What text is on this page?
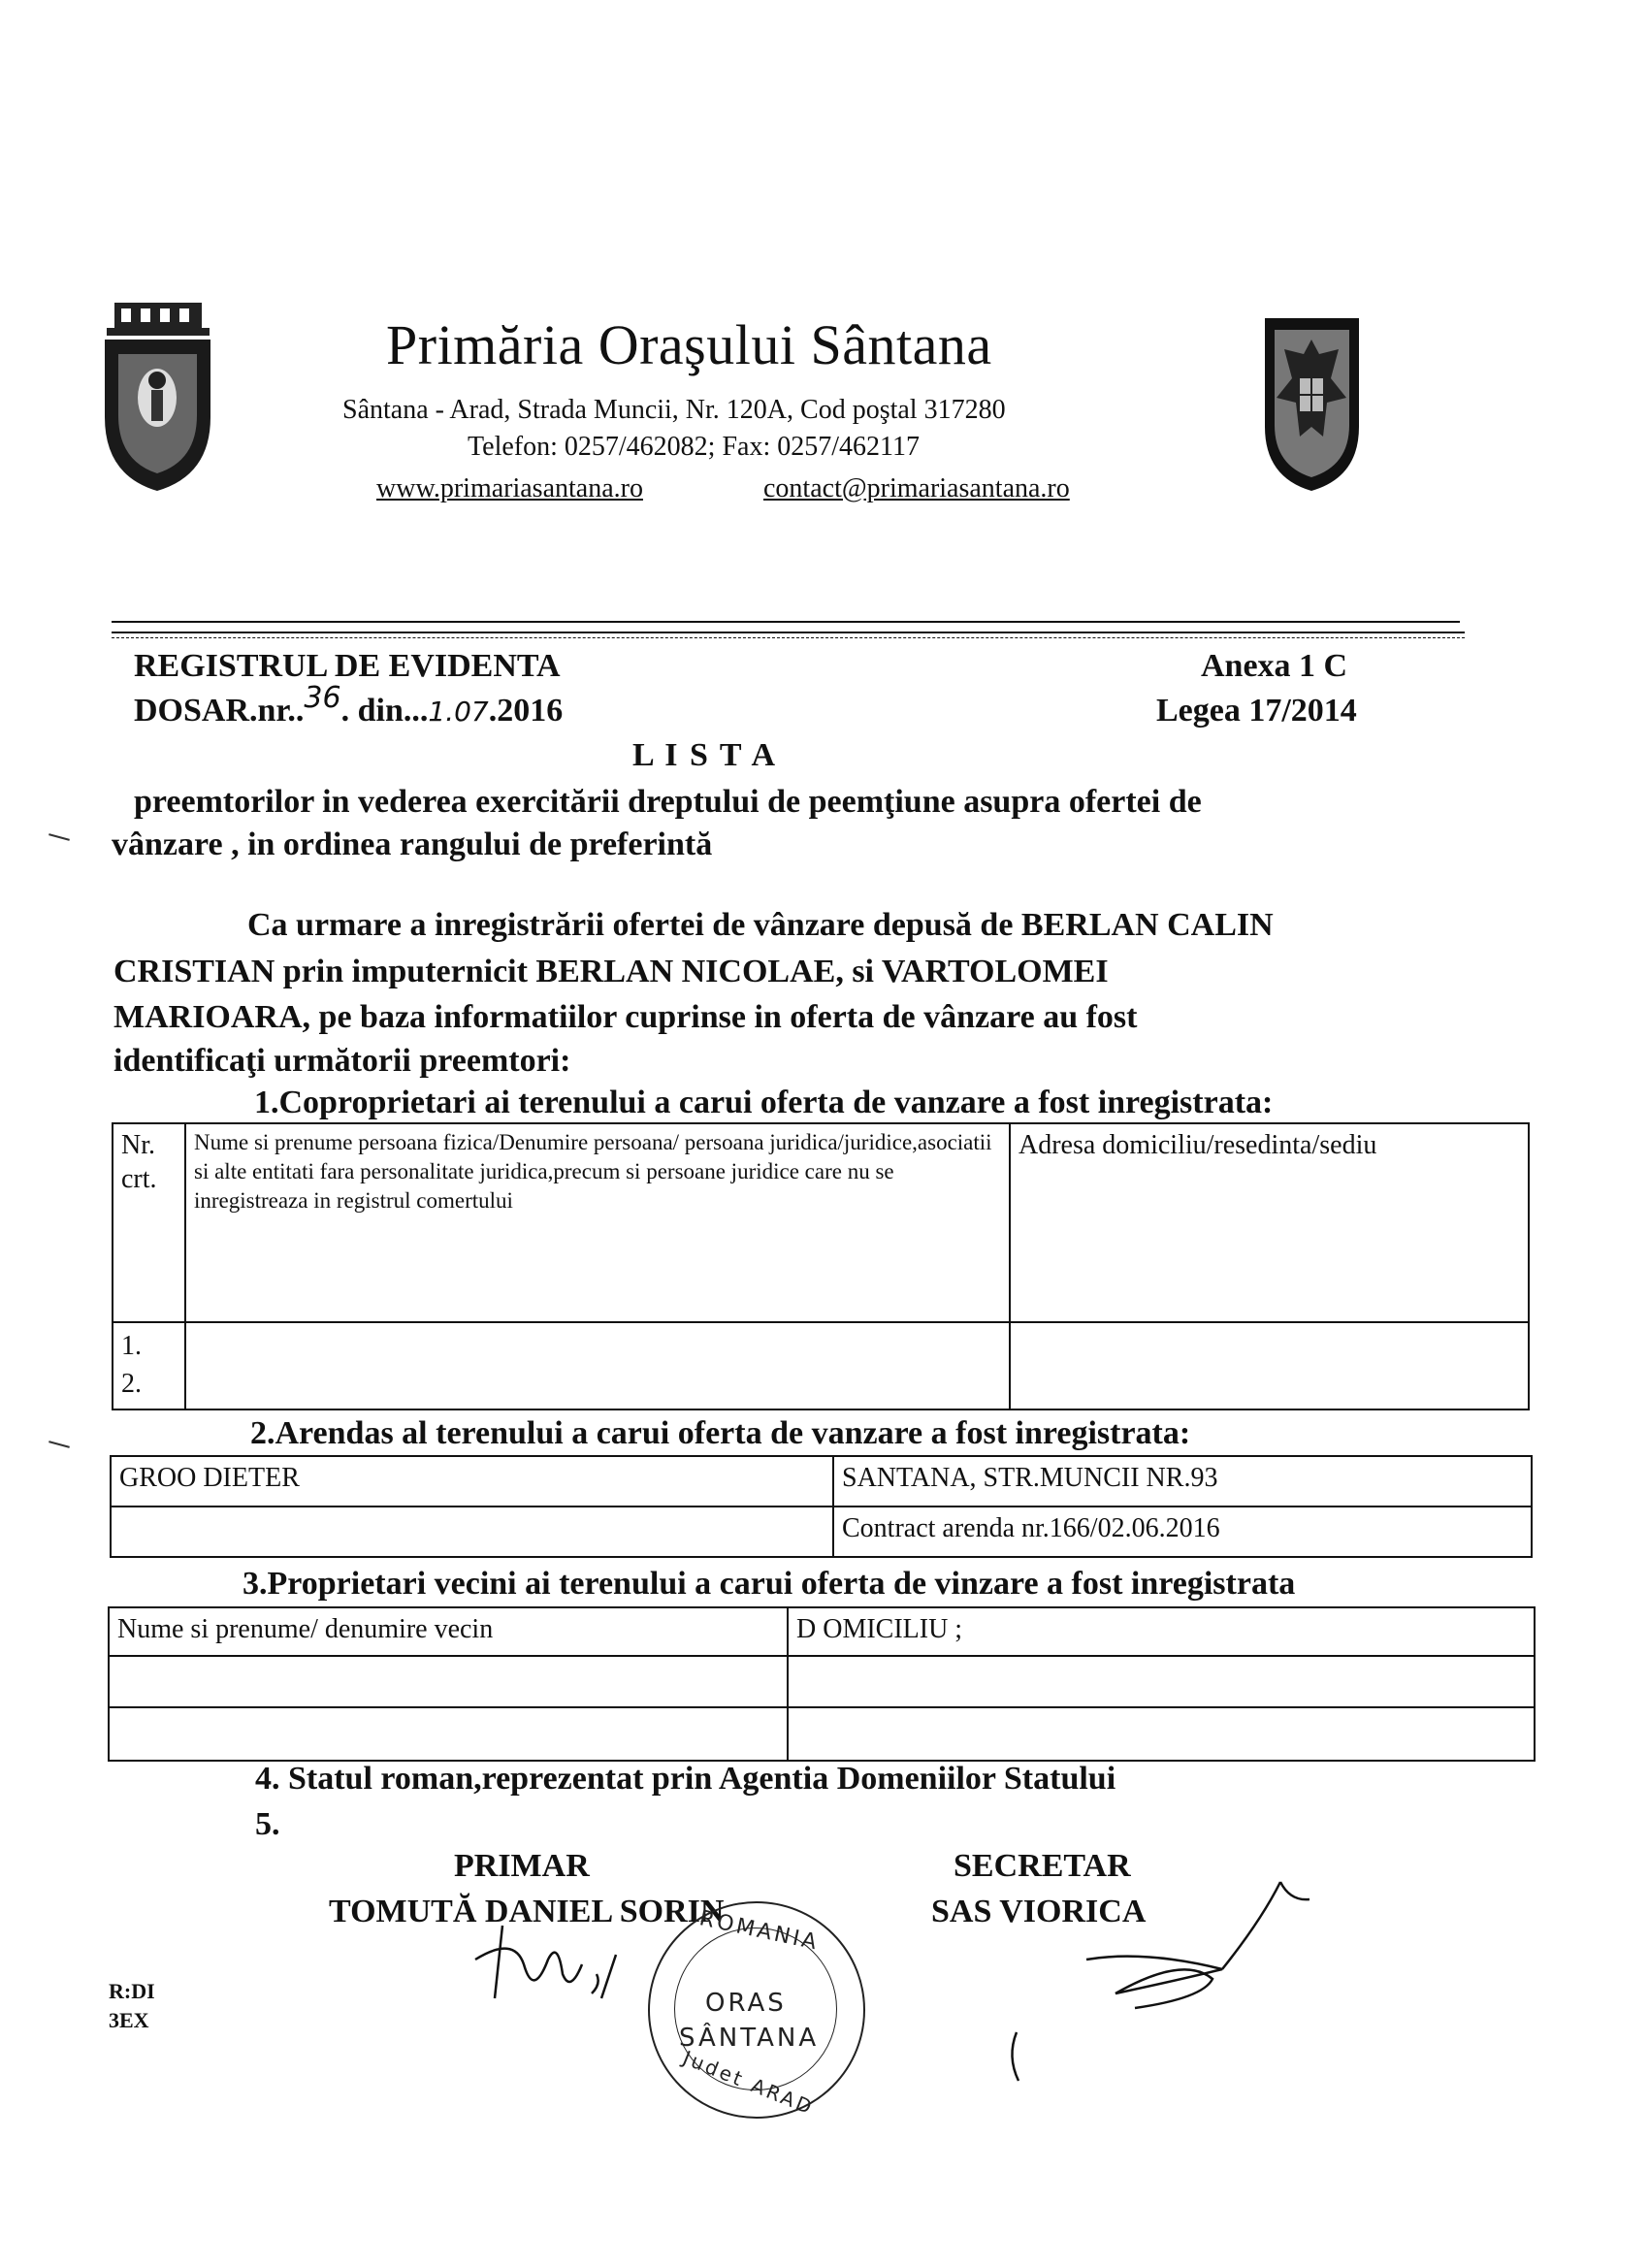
Primăria Oraşului Sântana
Sântana - Arad, Strada Muncii, Nr. 120A, Cod poştal 317280
Telefon: 0257/462082; Fax: 0257/462117
www.primariasantana.ro	contact@primariasantana.ro
REGISTRUL DE EVIDENTA
DOSAR.nr..36. din...1.07.2016
Anexa 1 C
Legea 17/2014
L I S T A
preemtorilor in vederea exercitării dreptului de peemţiune asupra ofertei de
vânzare , in ordinea rangului de preferintă
Ca urmare a inregistrării ofertei de vânzare depusă de BERLAN CALIN
CRISTIAN prin imputernicit BERLAN NICOLAE, si VARTOLOMEI
MARIOARA, pe baza informatiilor cuprinse in oferta de vânzare au fost
identificaţi următorii preemtori:
1.Coproprietari ai terenului a carui oferta de vanzare a fost inregistrata:
Nr. crt.	Nume si prenume persoana fizica/Denumire persoana/ persoana juridica/juridice,asociatii si alte entitati fara personalitate juridica,precum si persoane juridice care nu se inregistreaza in registrul comertului	Adresa domiciliu/resedinta/sediu

1.
2.		

2.Arendas al terenului a carui oferta de vanzare a fost inregistrata:
GROO DIETER	SANTANA, STR.MUNCII NR.93
	Contract arenda nr.166/02.06.2016
3.Proprietari vecini ai terenului a carui oferta de vinzare a fost inregistrata
Nume si prenume/ denumire vecin	D OMICILIU ;

4. Statul roman,reprezentat prin Agentia Domeniilor Statului
5.
PRIMAR
TOMUTĂ DANIEL SORIN
SECRETAR
SAS VIORICA
ROMANIA
ORAS
SÂNTANA
Judet ARAD
R:DI
3EX
